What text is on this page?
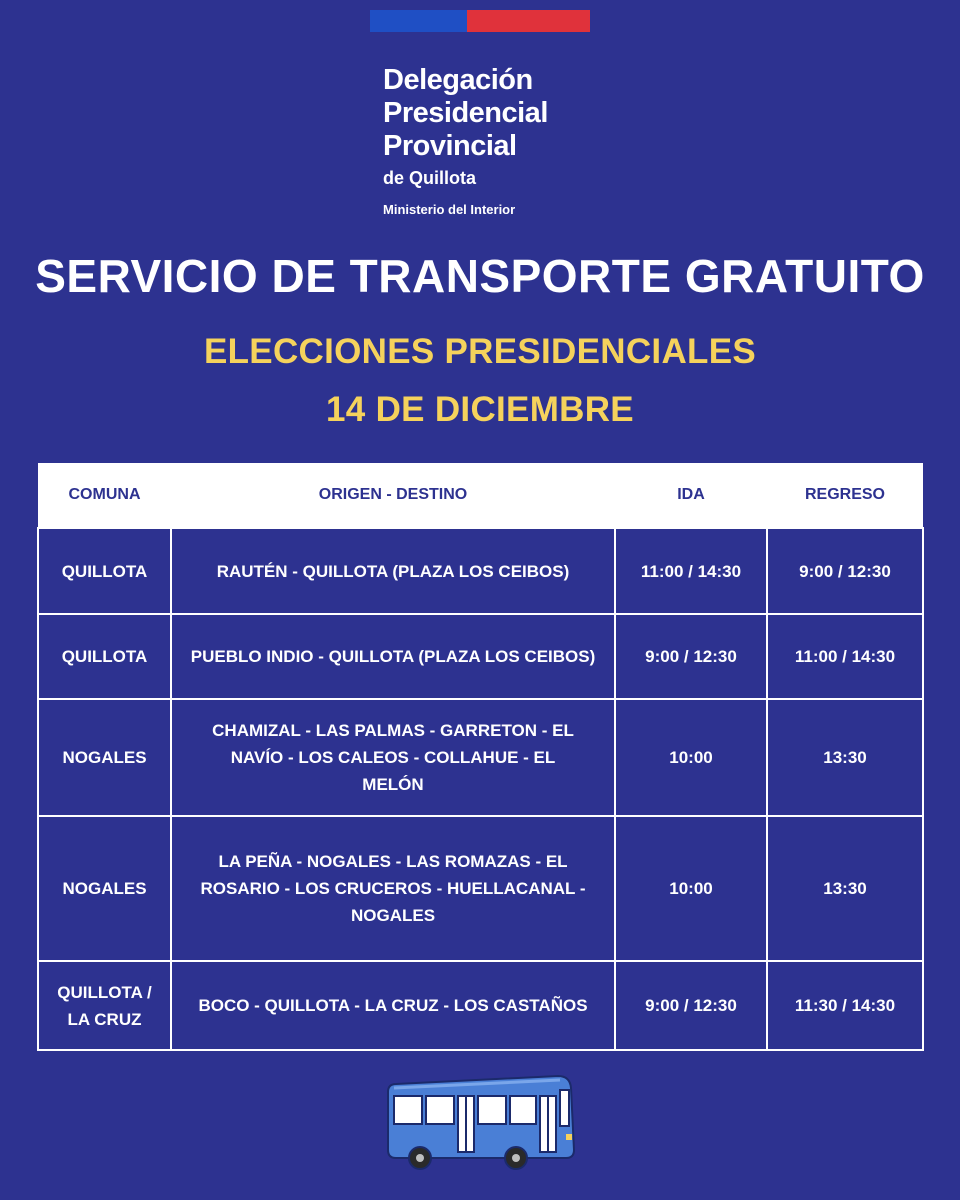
Delegación
Presidencial
Provincial
de Quillota
Ministerio del Interior
SERVICIO DE TRANSPORTE GRATUITO
ELECCIONES PRESIDENCIALES
14 DE DICIEMBRE
COMUNA	ORIGEN - DESTINO	IDA	REGRESO
QUILLOTA	RAUTÉN - QUILLOTA (PLAZA LOS CEIBOS)	11:00 / 14:30	9:00 / 12:30
QUILLOTA	PUEBLO INDIO - QUILLOTA (PLAZA LOS CEIBOS)	9:00 / 12:30	11:00 / 14:30
NOGALES	CHAMIZAL - LAS PALMAS - GARRETON - EL NAVÍO - LOS CALEOS - COLLAHUE - EL MELÓN	10:00	13:30
NOGALES	LA PEÑA - NOGALES - LAS ROMAZAS - EL ROSARIO - LOS CRUCEROS - HUELLACANAL - NOGALES	10:00	13:30
QUILLOTA / LA CRUZ	BOCO - QUILLOTA - LA CRUZ - LOS CASTAÑOS	9:00 / 12:30	11:30 / 14:30
